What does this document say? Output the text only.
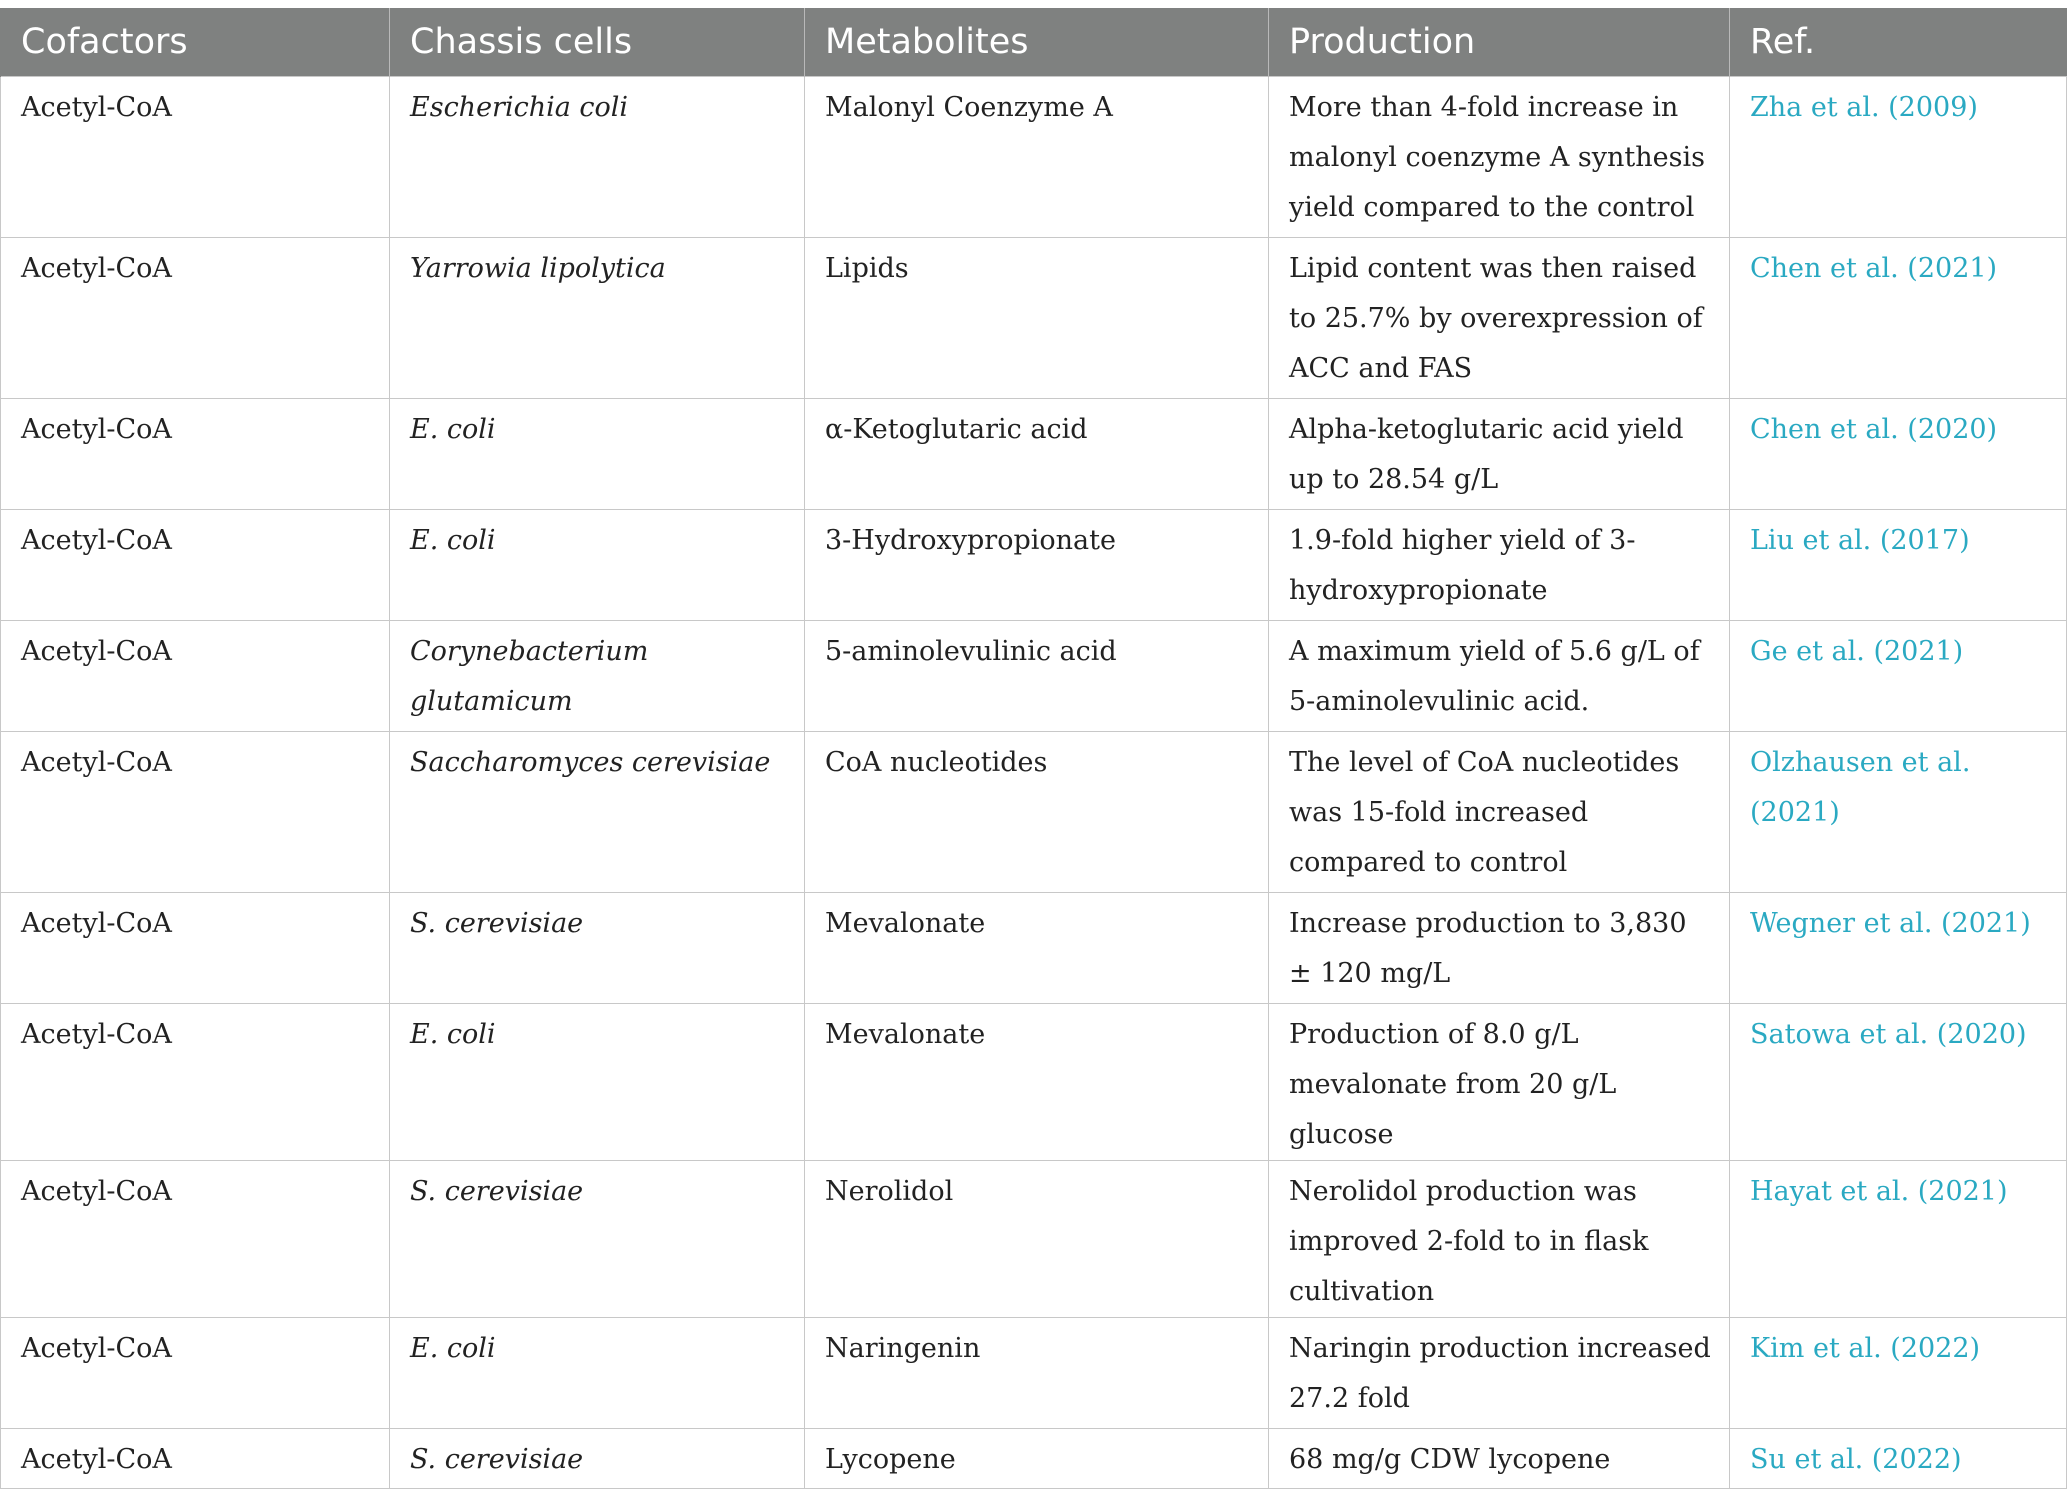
Cofactors	Chassis cells	Metabolites	Production	Ref.
Acetyl-CoA	Escherichia coli	Malonyl Coenzyme A	More than 4-fold increase in malonyl coenzyme A synthesis yield compared to the control	Zha et al. (2009)
Acetyl-CoA	Yarrowia lipolytica	Lipids	Lipid content was then raised to 25.7% by overexpression of ACC and FAS	Chen et al. (2021)
Acetyl-CoA	E. coli	α-Ketoglutaric acid	Alpha-ketoglutaric acid yield up to 28.54 g/L	Chen et al. (2020)
Acetyl-CoA	E. coli	3-Hydroxypropionate	1.9-fold higher yield of 3-hydroxypropionate	Liu et al. (2017)
Acetyl-CoA	Corynebacterium glutamicum	5-aminolevulinic acid	A maximum yield of 5.6 g/L of 5-aminolevulinic acid.	Ge et al. (2021)
Acetyl-CoA	Saccharomyces cerevisiae	CoA nucleotides	The level of CoA nucleotides was 15-fold increased compared to control	Olzhausen et al. (2021)
Acetyl-CoA	S. cerevisiae	Mevalonate	Increase production to 3,830 ± 120 mg/L	Wegner et al. (2021)
Acetyl-CoA	E. coli	Mevalonate	Production of 8.0 g/L mevalonate from 20 g/L glucose	Satowa et al. (2020)
Acetyl-CoA	S. cerevisiae	Nerolidol	Nerolidol production was improved 2-fold to in flask cultivation	Hayat et al. (2021)
Acetyl-CoA	E. coli	Naringenin	Naringin production increased 27.2 fold	Kim et al. (2022)
Acetyl-CoA	S. cerevisiae	Lycopene	68 mg/g CDW lycopene	Su et al. (2022)
